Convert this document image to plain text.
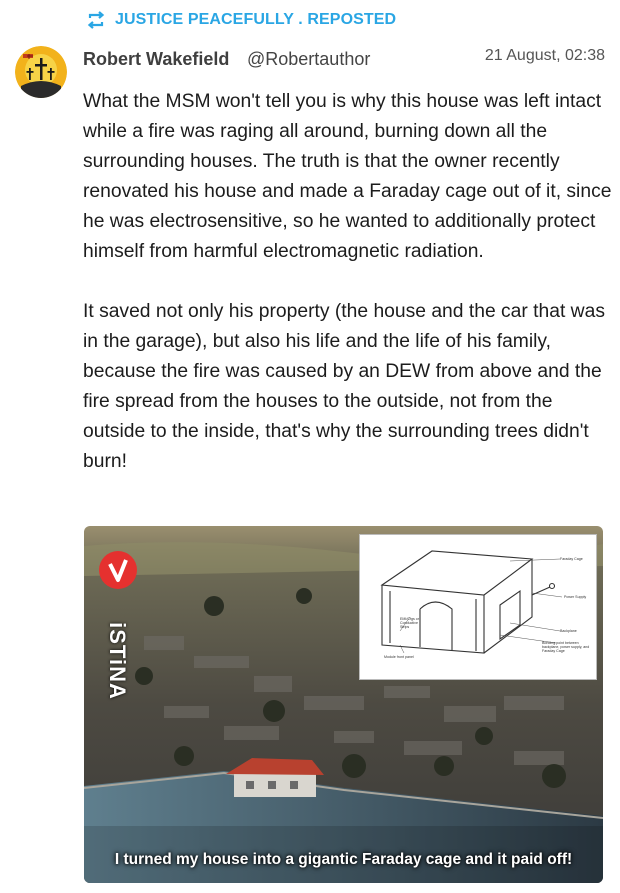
JUSTICE PEACEFULLY . REPOSTED
Robert Wakefield @Robertauthor	21 August, 02:38

What the MSM won't tell you is why this house was left intact while a fire was raging all around, burning down all the surrounding houses. The truth is that the owner recently renovated his house and made a Faraday cage out of it, since he was electrosensitive, so he wanted to additionally protect himself from harmful electromagnetic radiation.

It saved not only his property (the house and the car that was in the garage), but also his life and the life of his family, because the fire was caused by an DEW from above and the fire spread from the houses to the outside, not from the outside to the inside, that's why the surrounding trees didn't burn!

iSTiNA
Faraday Cage
Power Supply
Backplane
Bonding point between backplane, power supply, and Faraday Cage
EMI/Cfgs or Conductive Strips
Module front panel
I turned my house into a gigantic Faraday cage and it paid off!
